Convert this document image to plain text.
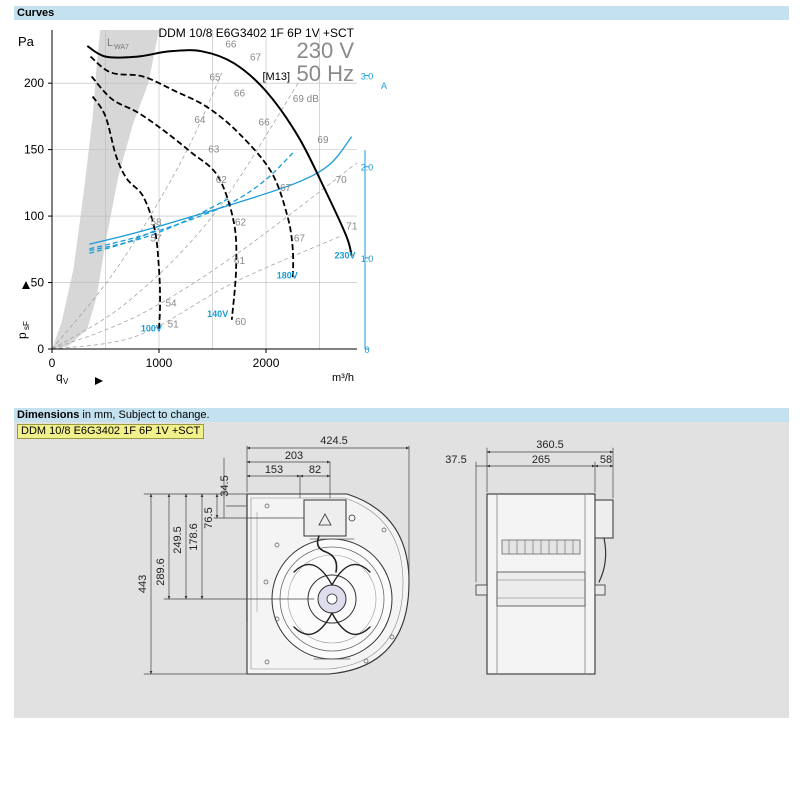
Curves
0	1000	2000
0
50
100
150
200
0
1.0
2.0
3.0
Pa
A
m³/h
q V
p
sF
L WA7
DDM 10/8 E6G3402 1F 6P 1V +SCT
230 V
50 Hz
[M13]
66
67
65
66	69 dB
64	66
63
69
62	70
67
58	62	71
57	67
61
54
51	60
230V
180V
140V
100V
Dimensions in mm, Subject to change.
424.5
203
153 82
34.5
76.5
178.6
249.5
289.6
443
360.5
37.5	265	58
DDM 10/8 E6G3402 1F 6P 1V +SCT
